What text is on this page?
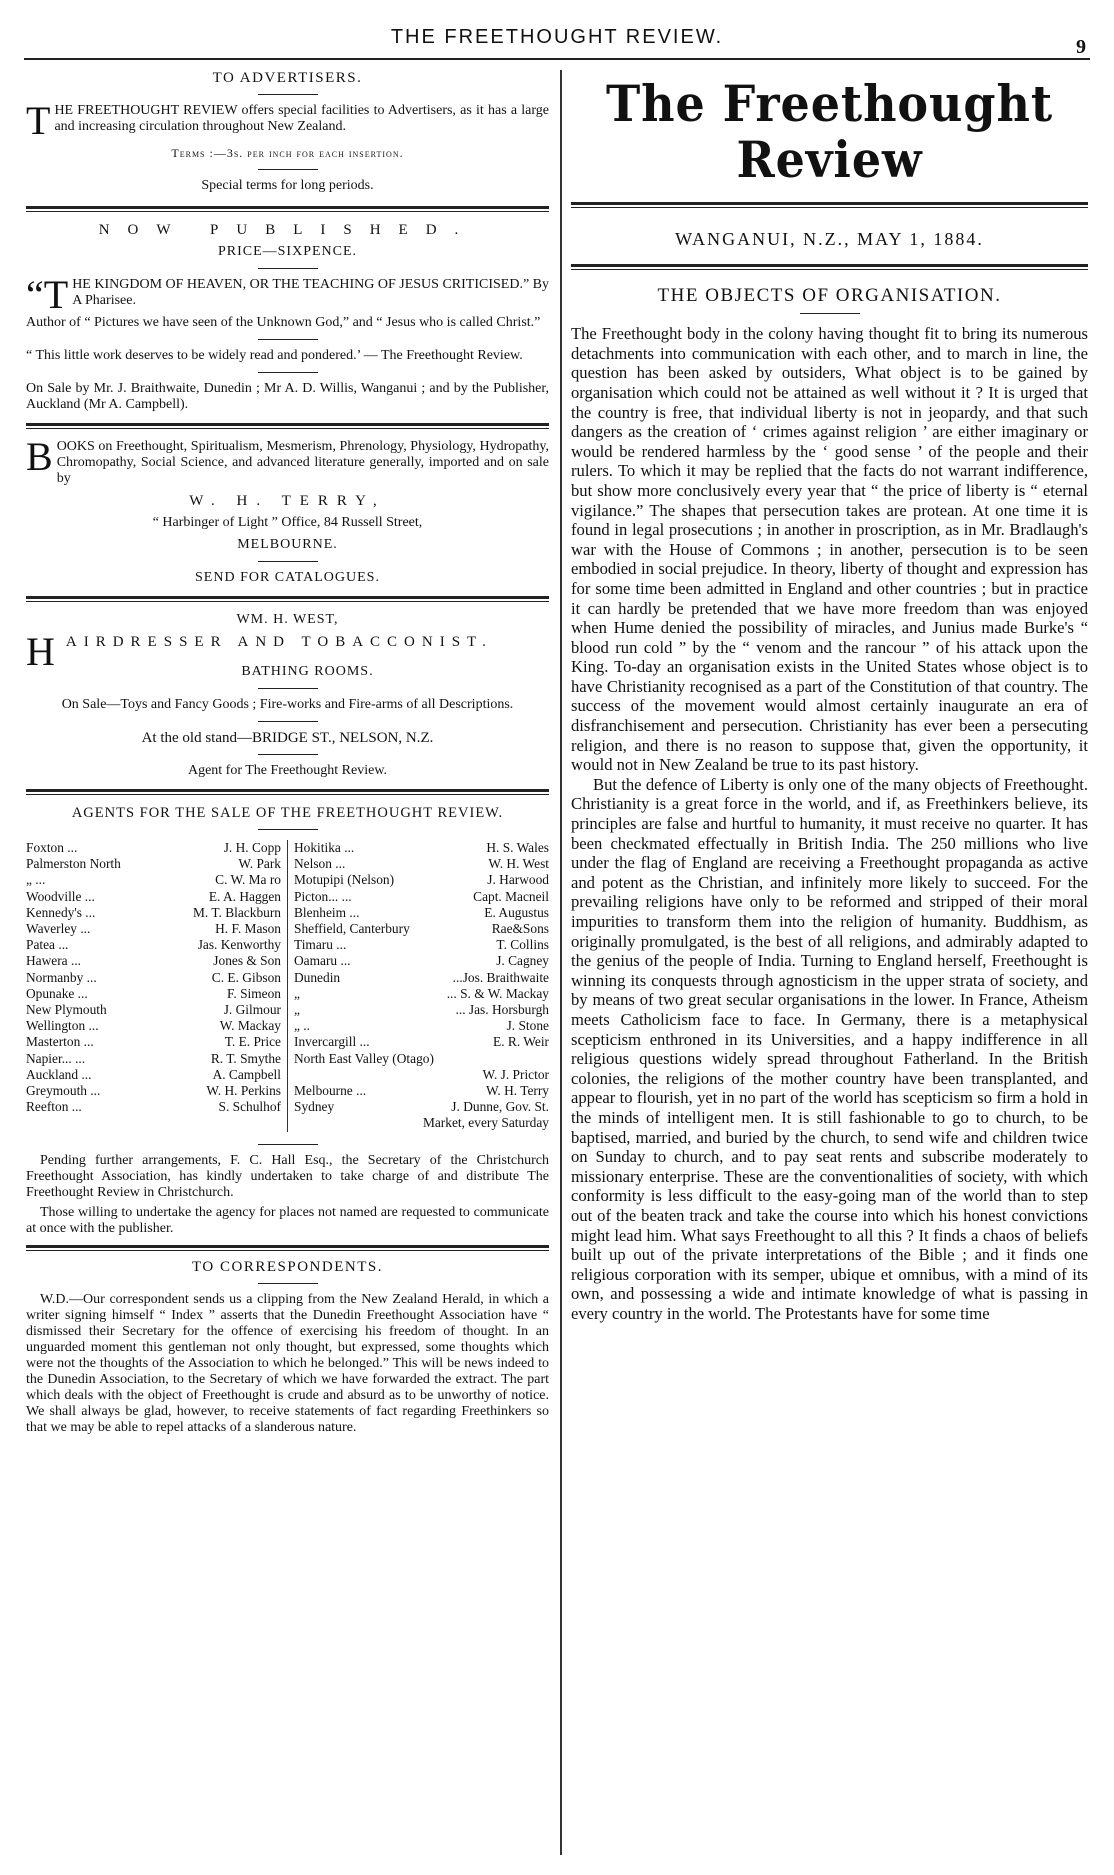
THE FREETHOUGHT REVIEW.	9
TO ADVERTISERS.

THE FREETHOUGHT REVIEW offers special facilities to Advertisers, as it has a large and increasing circulation throughout New Zealand.

Terms :—3s. per inch for each insertion.

Special terms for long periods.

NOW PUBLISHED.

PRICE—SIXPENCE.

“THE KINGDOM OF HEAVEN, OR THE TEACHING OF JESUS CRITICISED.” By A Pharisee.

Author of “ Pictures we have seen of the Unknown God,” and “ Jesus who is called Christ.”

“ This little work deserves to be widely read and pondered.’ — The Freethought Review.

On Sale by Mr. J. Braithwaite, Dunedin ; Mr A. D. Willis, Wanganui ; and by the Publisher, Auckland (Mr A. Campbell).

BOOKS on Freethought, Spiritualism, Mesmerism, Phrenology, Physiology, Hydropathy, Chromopathy, Social Science, and advanced literature generally, imported and on sale by

W. H. TERRY,

“ Harbinger of Light ” Office, 84 Russell Street,

MELBOURNE.

SEND FOR CATALOGUES.

WM. H. WEST,

HAIRDRESSER AND TOBACCONIST.

BATHING ROOMS.

On Sale—Toys and Fancy Goods ; Fire-works and Fire-arms of all Descriptions.

At the old stand—BRIDGE ST., NELSON, N.Z.

Agent for The Freethought Review.

AGENTS FOR THE SALE OF THE FREETHOUGHT REVIEW.

Foxton ...	J. H. Copp
Palmerston North	W. Park
„ ...	C. W. Ma ro
Woodville ...	E. A. Haggen
Kennedy's ...	M. T. Blackburn
Waverley ...	H. F. Mason
Patea ...	Jas. Kenworthy
Hawera ...	Jones & Son
Normanby ...	C. E. Gibson
Opunake ...	F. Simeon
New Plymouth	J. Gilmour
Wellington ...	W. Mackay
Masterton ...	T. E. Price
Napier... ...	R. T. Smythe
Auckland ...	A. Campbell
Greymouth ...	W. H. Perkins
Reefton ...	S. Schulhof
Hokitika ...	H. S. Wales
Nelson ...	W. H. West
Motupipi (Nelson)	J. Harwood
Picton... ...	Capt. Macneil
Blenheim ...	E. Augustus
Sheffield, Canterbury	Rae&Sons
Timaru ...	T. Collins
Oamaru ...	J. Cagney
Dunedin	...Jos. Braithwaite
„	... S. & W. Mackay
„	... Jas. Horsburgh
„ ..	J. Stone
Invercargill ...	E. R. Weir
North East Valley (Otago)
W. J. Prictor
Melbourne ...	W. H. Terry
Sydney	J. Dunne, Gov. St.
Market, every Saturday

Pending further arrangements, F. C. Hall Esq., the Secretary of the Christchurch Freethought Association, has kindly undertaken to take charge of and distribute The Freethought Review in Christchurch.

Those willing to undertake the agency for places not named are requested to communicate at once with the publisher.

TO CORRESPONDENTS.

W.D.—Our correspondent sends us a clipping from the New Zealand Herald, in which a writer signing himself “ Index ” asserts that the Dunedin Freethought Association have “ dismissed their Secretary for the offence of exercising his freedom of thought. In an unguarded moment this gentleman not only thought, but expressed, some thoughts which were not the thoughts of the Association to which he belonged.” This will be news indeed to the Dunedin Association, to the Secretary of which we have forwarded the extract. The part which deals with the object of Freethought is crude and absurd as to be unworthy of notice. We shall always be glad, however, to receive statements of fact regarding Freethinkers so that we may be able to repel attacks of a slanderous nature.

The Freethought Review
WANGANUI, N.Z., MAY 1, 1884.
THE OBJECTS OF ORGANISATION.

The Freethought body in the colony having thought fit to bring its numerous detachments into communication with each other, and to march in line, the question has been asked by outsiders, What object is to be gained by organisation which could not be attained as well without it ? It is urged that the country is free, that individual liberty is not in jeopardy, and that such dangers as the creation of ‘ crimes against religion ’ are either imaginary or would be rendered harmless by the ‘ good sense ’ of the people and their rulers. To which it may be replied that the facts do not warrant indifference, but show more conclusively every year that “ the price of liberty is “ eternal vigilance.” The shapes that persecution takes are protean. At one time it is found in legal prosecutions ; in another in proscription, as in Mr. Bradlaugh's war with the House of Commons ; in another, persecution is to be seen embodied in social prejudice. In theory, liberty of thought and expression has for some time been admitted in England and other countries ; but in practice it can hardly be pretended that we have more freedom than was enjoyed when Hume denied the possibility of miracles, and Junius made Burke's “ blood run cold ” by the “ venom and the rancour ” of his attack upon the King. To-day an organisation exists in the United States whose object is to have Christianity recognised as a part of the Constitution of that country. The success of the movement would almost certainly inaugurate an era of disfranchisement and persecution. Christianity has ever been a persecuting religion, and there is no reason to suppose that, given the opportunity, it would not in New Zealand be true to its past history.

But the defence of Liberty is only one of the many objects of Freethought. Christianity is a great force in the world, and if, as Freethinkers believe, its principles are false and hurtful to humanity, it must receive no quarter. It has been checkmated effectually in British India. The 250 millions who live under the flag of England are receiving a Freethought propaganda as active and potent as the Christian, and infinitely more likely to succeed. For the prevailing religions have only to be reformed and stripped of their moral impurities to transform them into the religion of humanity. Buddhism, as originally promulgated, is the best of all religions, and admirably adapted to the genius of the people of India. Turning to England herself, Freethought is winning its conquests through agnosticism in the upper strata of society, and by means of two great secular organisations in the lower. In France, Atheism meets Catholicism face to face. In Germany, there is a metaphysical scepticism enthroned in its Universities, and a happy indifference in all religious questions widely spread throughout Fatherland. In the British colonies, the religions of the mother country have been transplanted, and appear to flourish, yet in no part of the world has scepticism so firm a hold in the minds of intelligent men. It is still fashionable to go to church, to be baptised, married, and buried by the church, to send wife and children twice on Sunday to church, and to pay seat rents and subscribe moderately to missionary enterprise. These are the conventionalities of society, with which conformity is less difficult to the easy-going man of the world than to step out of the beaten track and take the course into which his honest convictions might lead him. What says Freethought to all this ? It finds a chaos of beliefs built up out of the private interpretations of the Bible ; and it finds one religious corporation with its semper, ubique et omnibus, with a mind of its own, and possessing a wide and intimate knowledge of what is passing in every country in the world. The Protestants have for some time
